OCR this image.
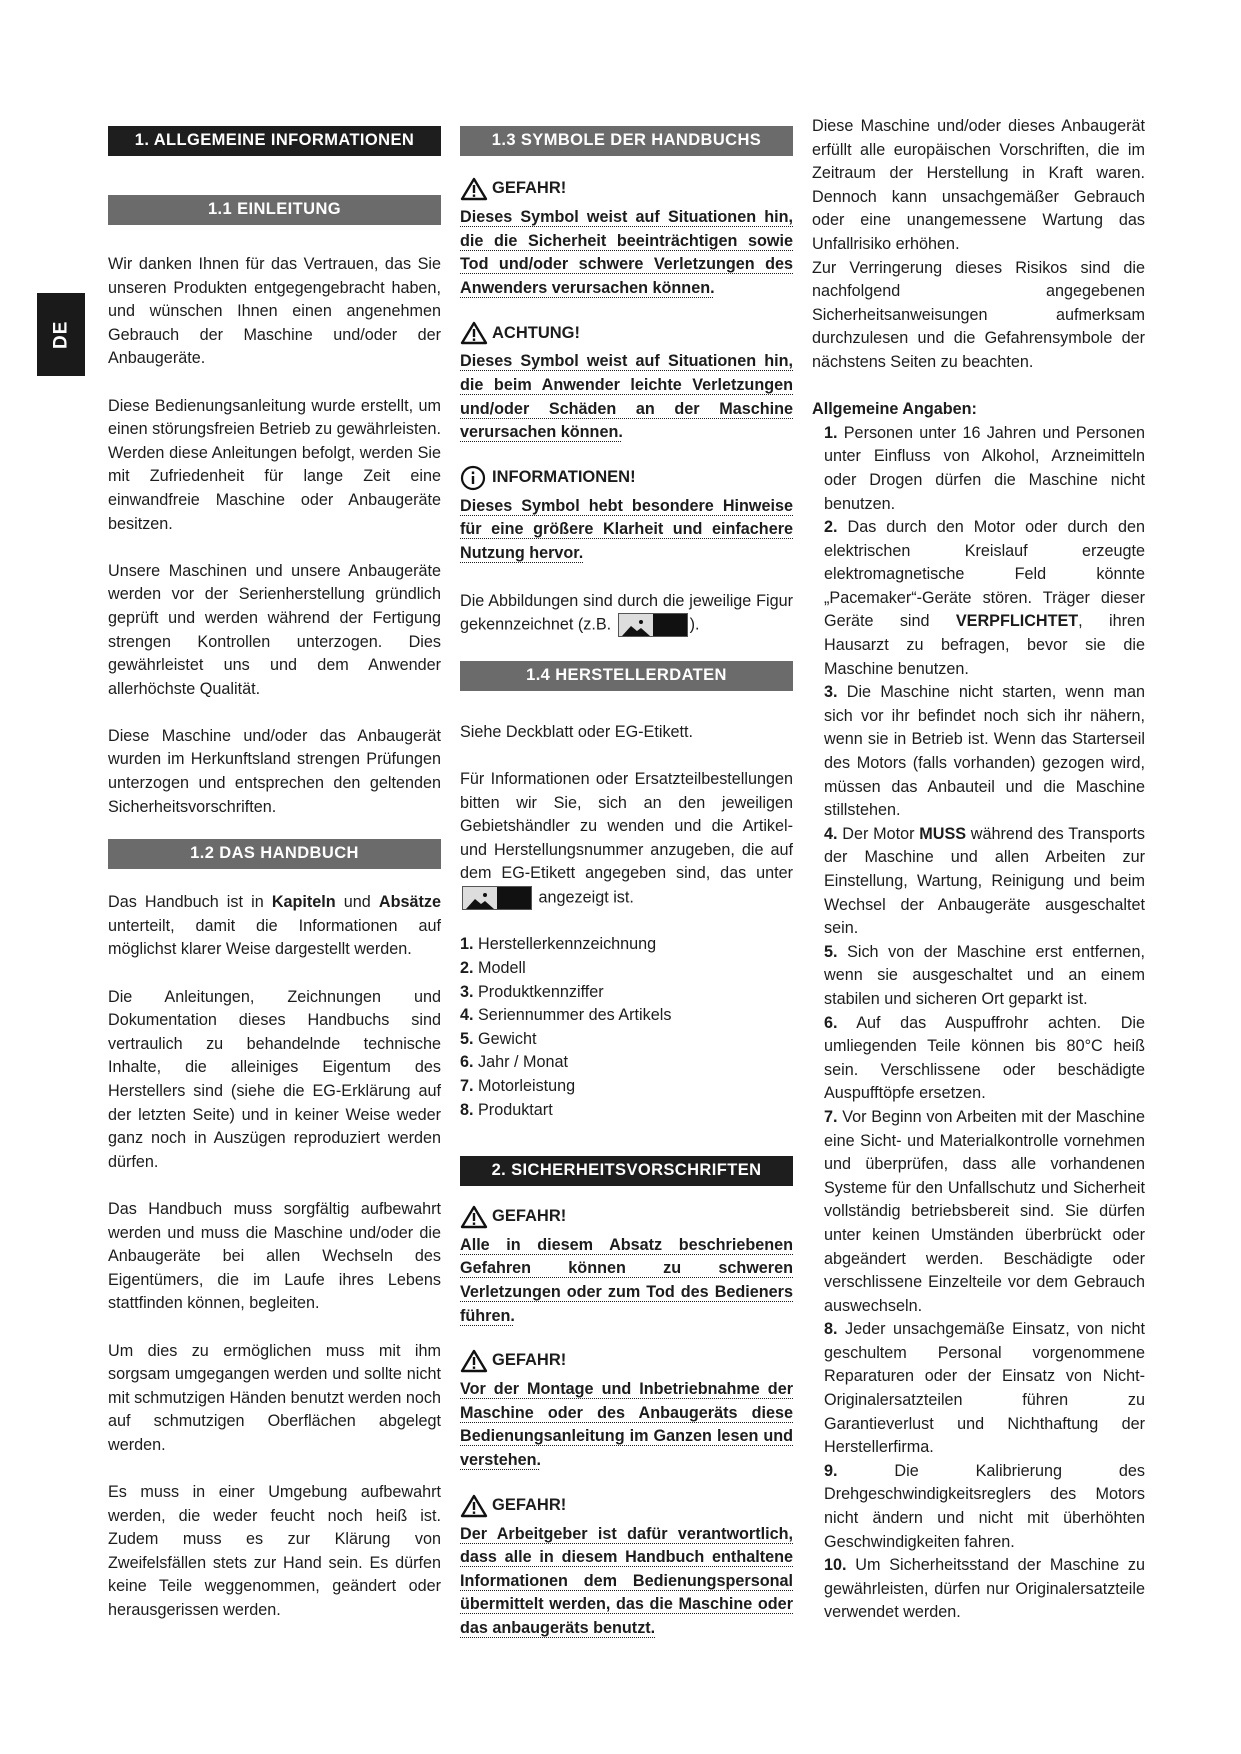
DE
1. ALLGEMEINE INFORMATIONEN
1.1 EINLEITUNG

Wir danken Ihnen für das Vertrauen, das Sie unseren Produkten entgegengebracht haben, und wünschen Ihnen einen angenehmen Gebrauch der Maschine und/oder der Anbaugeräte.

Diese Bedienungsanleitung wurde erstellt, um einen störungsfreien Betrieb zu gewährleisten. Werden diese Anleitungen befolgt, werden Sie mit Zufriedenheit für lange Zeit eine einwandfreie Maschine oder Anbaugeräte besitzen.

Unsere Maschinen und unsere Anbaugeräte werden vor der Serienherstellung gründlich geprüft und werden während der Fertigung strengen Kontrollen unterzogen. Dies gewährleistet uns und dem Anwender allerhöchste Qualität.

Diese Maschine und/oder das Anbaugerät wurden im Herkunftsland strengen Prüfungen unterzogen und entsprechen den geltenden Sicherheitsvorschriften.

1.2 DAS HANDBUCH

Das Handbuch ist in Kapiteln und Absätze unterteilt, damit die Informationen auf möglichst klarer Weise dargestellt werden.

Die Anleitungen, Zeichnungen und Dokumentation dieses Handbuchs sind vertraulich zu behandelnde technische Inhalte, die alleiniges Eigentum des Herstellers sind (siehe die EG-Erklärung auf der letzten Seite) und in keiner Weise weder ganz noch in Auszügen reproduziert werden dürfen.

Das Handbuch muss sorgfältig aufbewahrt werden und muss die Maschine und/oder die Anbaugeräte bei allen Wechseln des Eigentümers, die im Laufe ihres Lebens stattfinden können, begleiten.

Um dies zu ermöglichen muss mit ihm sorgsam umgegangen werden und sollte nicht mit schmutzigen Händen benutzt werden noch auf schmutzigen Oberflächen abgelegt werden.

Es muss in einer Umgebung aufbewahrt werden, die weder feucht noch heiß ist. Zudem muss es zur Klärung von Zweifelsfällen stets zur Hand sein. Es dürfen keine Teile weggenommen, geändert oder herausgerissen werden.

1.3 SYMBOLE DER HANDBUCHS
GEFAHR!
Dieses Symbol weist auf Situationen hin, die die Sicherheit beeinträchtigen sowie Tod und/oder schwere Verletzungen des Anwenders verursachen können.
ACHTUNG!
Dieses Symbol weist auf Situationen hin, die beim Anwender leichte Verletzungen und/oder Schäden an der Maschine verursachen können.
INFORMATIONEN!
Dieses Symbol hebt besondere Hinweise für eine größere Klarheit und einfachere Nutzung hervor.

Die Abbildungen sind durch die jeweilige Figur gekennzeichnet (z.B.	).

1.4 HERSTELLERDATEN

Siehe Deckblatt oder EG-Etikett.

Für Informationen oder Ersatzteilbestellungen bitten wir Sie, sich an den jeweiligen Gebietshändler zu wenden und die Artikel- und Herstellungsnummer anzugeben, die auf dem EG-Etikett angegeben sind, das unter
angezeigt ist.

1. Herstellerkennzeichnung
2. Modell
3. Produktkennziffer
4. Seriennummer des Artikels
5. Gewicht
6. Jahr / Monat
7. Motorleistung
8. Produktart
2. SICHERHEITSVORSCHRIFTEN
GEFAHR!
Alle in diesem Absatz beschriebenen Gefahren können zu schweren Verletzungen oder zum Tod des Bedieners führen.
GEFAHR!
Vor der Montage und Inbetriebnahme der Maschine oder des Anbaugeräts diese Bedienungsanleitung im Ganzen lesen und verstehen.
GEFAHR!
Der Arbeitgeber ist dafür verantwortlich, dass alle in diesem Handbuch enthaltene Informationen dem Bedienungspersonal übermittelt werden, das die Maschine oder das anbaugeräts benutzt.

Diese Maschine und/oder dieses Anbaugerät erfüllt alle europäischen Vorschriften, die im Zeitraum der Herstellung in Kraft waren. Dennoch kann unsachgemäßer Gebrauch oder eine unangemessene Wartung das Unfallrisiko erhöhen.

Zur Verringerung dieses Risikos sind die nachfolgend angegebenen Sicherheitsanweisungen aufmerksam durchzulesen und die Gefahrensymbole der nächstens Seiten zu beachten.

Allgemeine Angaben:

1. Personen unter 16 Jahren und Personen unter Einfluss von Alkohol, Arzneimitteln oder Drogen dürfen die Maschine nicht benutzen.

2. Das durch den Motor oder durch den elektrischen Kreislauf erzeugte elektromagnetische Feld könnte „Pacemaker“-Geräte stören. Träger dieser Geräte sind VERPFLICHTET, ihren Hausarzt zu befragen, bevor sie die Maschine benutzen.

3. Die Maschine nicht starten, wenn man sich vor ihr befindet noch sich ihr nähern, wenn sie in Betrieb ist. Wenn das Starterseil des Motors (falls vorhanden) gezogen wird, müssen das Anbauteil und die Maschine stillstehen.

4. Der Motor MUSS während des Transports der Maschine und allen Arbeiten zur Einstellung, Wartung, Reinigung und beim Wechsel der Anbaugeräte ausgeschaltet sein.

5. Sich von der Maschine erst entfernen, wenn sie ausgeschaltet und an einem stabilen und sicheren Ort geparkt ist.

6. Auf das Auspuffrohr achten. Die umliegenden Teile können bis 80°C heiß sein. Verschlissene oder beschädigte Auspufftöpfe ersetzen.

7. Vor Beginn von Arbeiten mit der Maschine eine Sicht- und Materialkontrolle vornehmen und überprüfen, dass alle vorhandenen Systeme für den Unfallschutz und Sicherheit vollständig betriebsbereit sind. Sie dürfen unter keinen Umständen überbrückt oder abgeändert werden. Beschädigte oder verschlissene Einzelteile vor dem Gebrauch auswechseln.

8. Jeder unsachgemäße Einsatz, von nicht geschultem Personal vorgenommene Reparaturen oder der Einsatz von Nicht-Originalersatzteilen führen zu Garantieverlust und Nichthaftung der Herstellerfirma.

9. Die Kalibrierung des Drehgeschwindigkeitsreglers des Motors nicht ändern und nicht mit überhöhten Geschwindigkeiten fahren.

10. Um Sicherheitsstand der Maschine zu gewährleisten, dürfen nur Originalersatzteile verwendet werden.
